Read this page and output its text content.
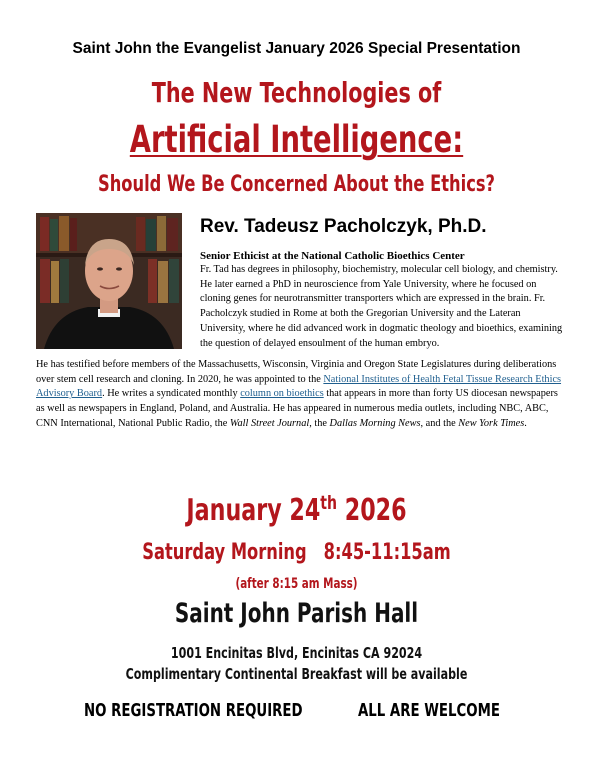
Saint John the Evangelist January 2026 Special Presentation
The New Technologies of
Artificial Intelligence:
Should We Be Concerned About the Ethics?
Rev. Tadeusz Pacholczyk, Ph.D.
Senior Ethicist at the National Catholic Bioethics Center
Fr. Tad has degrees in philosophy, biochemistry, molecular cell biology, and chemistry. He later earned a PhD in neuroscience from Yale University, where he focused on cloning genes for neurotransmitter transporters which are expressed in the brain. Fr. Pacholczyk studied in Rome at both the Gregorian University and the Lateran University, where he did advanced work in dogmatic theology and bioethics, examining the question of delayed ensoulment of the human embryo.
He has testified before members of the Massachusetts, Wisconsin, Virginia and Oregon State Legislatures during deliberations over stem cell research and cloning. In 2020, he was appointed to the National Institutes of Health Fetal Tissue Research Ethics Advisory Board. He writes a syndicated monthly column on bioethics that appears in more than forty US diocesan newspapers as well as newspapers in England, Poland, and Australia. He has appeared in numerous media outlets, including NBC, ABC, CNN International, National Public Radio, the Wall Street Journal, the Dallas Morning News, and the New York Times.
January 24th 2026
Saturday Morning   8:45-11:15am
(after 8:15 am Mass)
Saint John Parish Hall
1001 Encinitas Blvd, Encinitas CA 92024
Complimentary Continental Breakfast will be available
NO REGISTRATION REQUIRED	ALL ARE WELCOME
